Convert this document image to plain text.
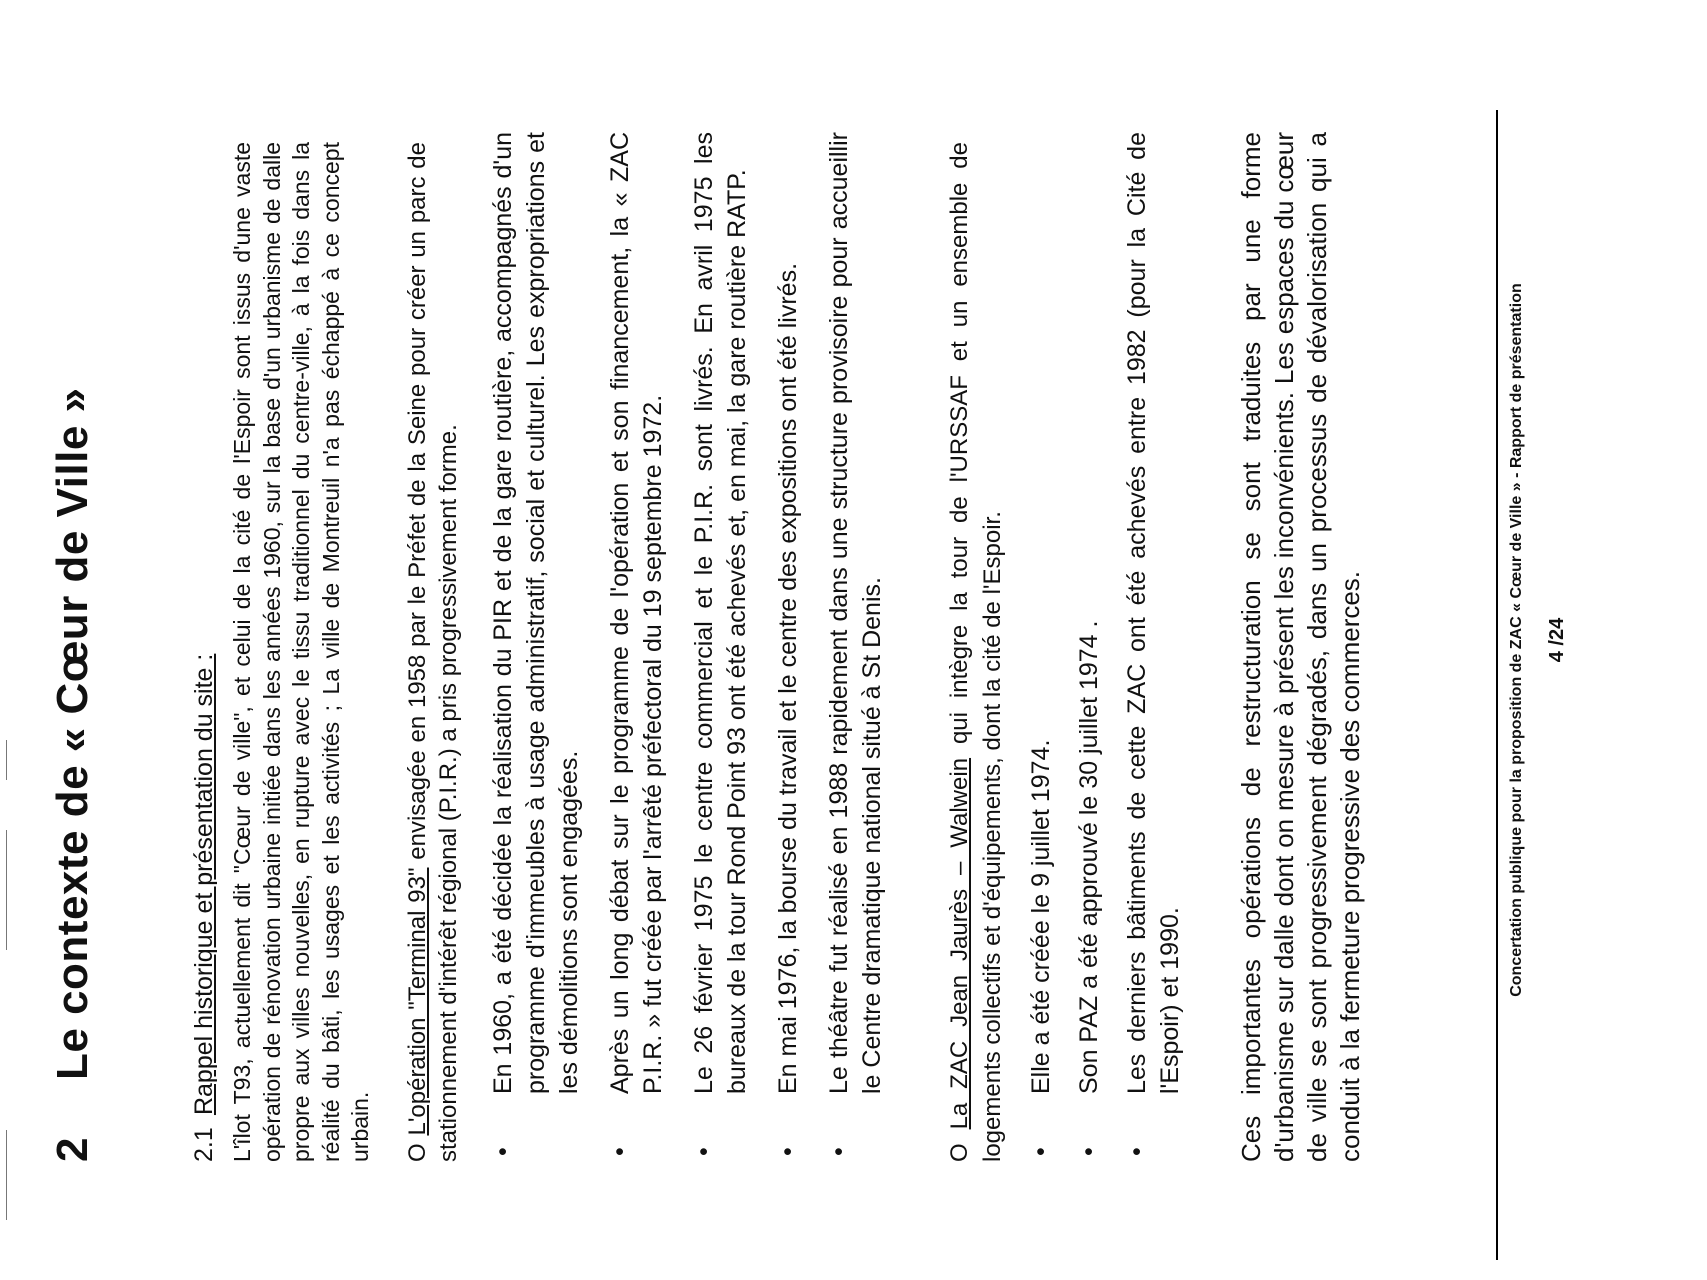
2Le contexte de « Cœur de Ville »
2.1 Rappel historique et présentation du site : L'îlot T93, actuellement dit "Cœur de ville", et celui de la cité de l'Espoir sont issus d'une vaste opération de rénovation urbaine initiée dans les années 1960, sur la base d'un urbanisme de dalle propre aux villes nouvelles, en rupture avec le tissu traditionnel du centre-ville, à la fois dans la réalité du bâti, les usages et les activités ; La ville de Montreuil n'a pas échappé à ce concept urbain. O L'opération "Terminal 93" envisagée en 1958 par le Préfet de la Seine pour créer un parc de stationnement d'intérêt régional (P.I.R.) a pris progressivement forme. •
En 1960, a été décidée la réalisation du PIR et de la gare routière, accompagnés d'un programme d'immeubles à usage administratif, social et culturel. Les expropriations et les démolitions sont engagées.
•
Après un long débat sur le programme de l'opération et son financement, la « ZAC P.I.R. » fut créée par l'arrêté préfectoral du 19 septembre 1972.
•
Le 26 février 1975 le centre commercial et le P.I.R. sont livrés. En avril 1975 les bureaux de la tour Rond Point 93 ont été achevés et, en mai, la gare routière RATP.
•
En mai 1976, la bourse du travail et le centre des expositions ont été livrés.
•
Le théâtre fut réalisé en 1988 rapidement dans une structure provisoire pour accueillir le Centre dramatique national situé à St Denis.

O La ZAC Jean Jaurès – Walwein qui intègre la tour de l'URSSAF et un ensemble de logements collectifs et d'équipements, dont la cité de l'Espoir. •
Elle a été créée le 9 juillet 1974.
•
Son PAZ a été approuvé le 30 juillet 1974 .
•
Les derniers bâtiments de cette ZAC ont été achevés entre 1982 (pour la Cité de l'Espoir) et 1990. Ces importantes opérations de restructuration se sont traduites par une forme d'urbanisme sur dalle dont on mesure à présent les inconvénients. Les espaces du cœur de ville se sont progressivement dégradés, dans un processus de dévalorisation qui a conduit à la fermeture progressive des commerces.	Concertation publique pour la proposition de ZAC « Cœur de Ville » - Rapport de présentation 4 /24
